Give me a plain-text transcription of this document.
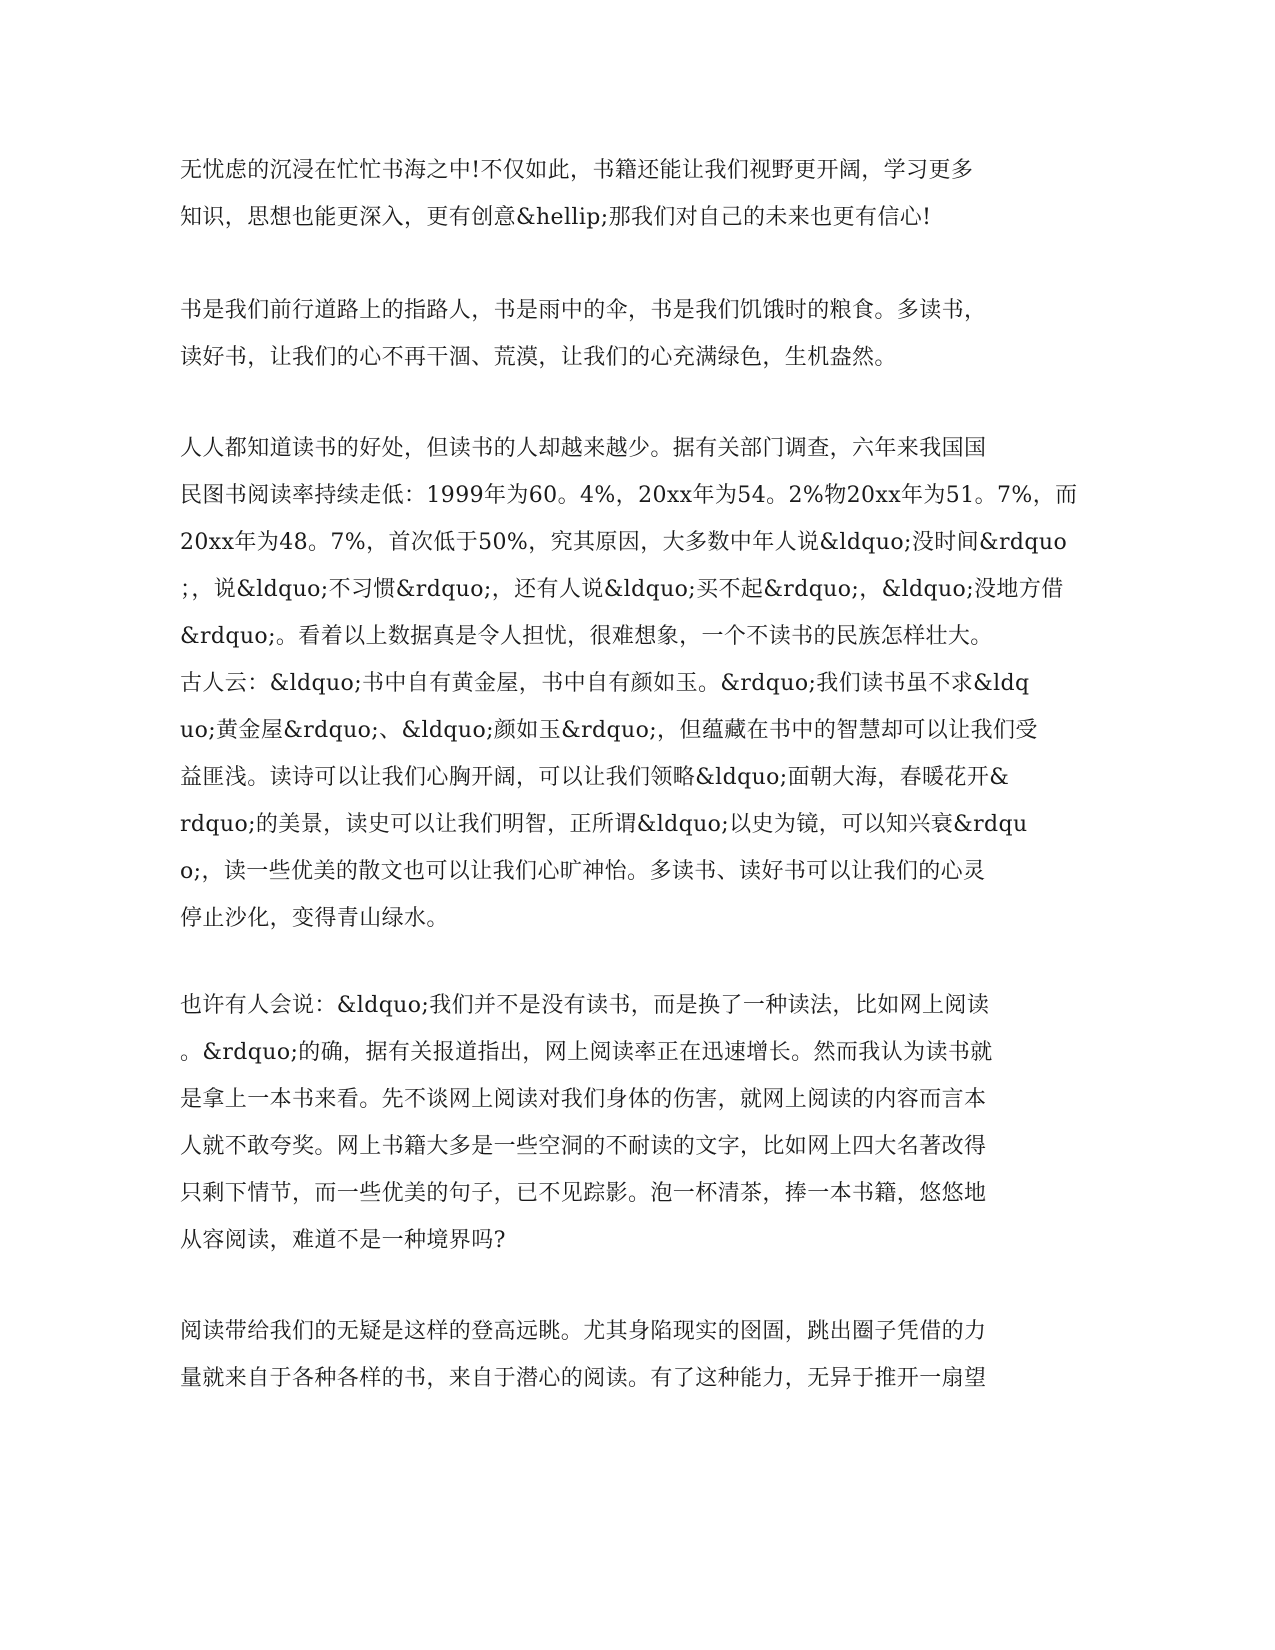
无忧虑的沉浸在忙忙书海之中!不仅如此，书籍还能让我们视野更开阔，学习更多
知识，思想也能更深入，更有创意&hellip;那我们对自己的未来也更有信心!
书是我们前行道路上的指路人，书是雨中的伞，书是我们饥饿时的粮食。多读书，
读好书，让我们的心不再干涸、荒漠，让我们的心充满绿色，生机盎然。
人人都知道读书的好处，但读书的人却越来越少。据有关部门调查，六年来我国国
民图书阅读率持续走低：1999年为60。4%，20xx年为54。2%物20xx年为51。7%，而
20xx年为48。7%，首次低于50%，究其原因，大多数中年人说&ldquo;没时间&rdquo
；，说&ldquo;不习惯&rdquo;，还有人说&ldquo;买不起&rdquo;，&ldquo;没地方借
&rdquo;。看着以上数据真是令人担忧，很难想象，一个不读书的民族怎样壮大。
古人云：&ldquo;书中自有黄金屋，书中自有颜如玉。&rdquo;我们读书虽不求&ldq
uo;黄金屋&rdquo;、&ldquo;颜如玉&rdquo;，但蕴藏在书中的智慧却可以让我们受
益匪浅。读诗可以让我们心胸开阔，可以让我们领略&ldquo;面朝大海，春暖花开&
rdquo;的美景，读史可以让我们明智，正所谓&ldquo;以史为镜，可以知兴衰&rdqu
o;，读一些优美的散文也可以让我们心旷神怡。多读书、读好书可以让我们的心灵
停止沙化，变得青山绿水。
也许有人会说：&ldquo;我们并不是没有读书，而是换了一种读法，比如网上阅读
。&rdquo;的确，据有关报道指出，网上阅读率正在迅速增长。然而我认为读书就
是拿上一本书来看。先不谈网上阅读对我们身体的伤害，就网上阅读的内容而言本
人就不敢夸奖。网上书籍大多是一些空洞的不耐读的文字，比如网上四大名著改得
只剩下情节，而一些优美的句子，已不见踪影。泡一杯清茶，捧一本书籍，悠悠地
从容阅读，难道不是一种境界吗?
阅读带给我们的无疑是这样的登高远眺。尤其身陷现实的囹圄，跳出圈子凭借的力
量就来自于各种各样的书，来自于潜心的阅读。有了这种能力，无异于推开一扇望
